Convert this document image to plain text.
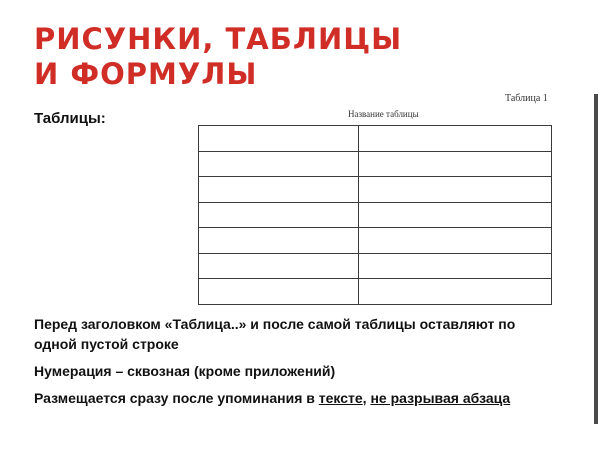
РИСУНКИ, ТАБЛИЦЫ
И ФОРМУЛЫ
Таблицы:
Таблица 1
Название таблицы

Перед заголовком «Таблица..» и после самой таблицы оставляют по одной пустой строке
Нумерация – сквозная (кроме приложений)
Размещается сразу после упоминания в тексте, не разрывая абзаца
